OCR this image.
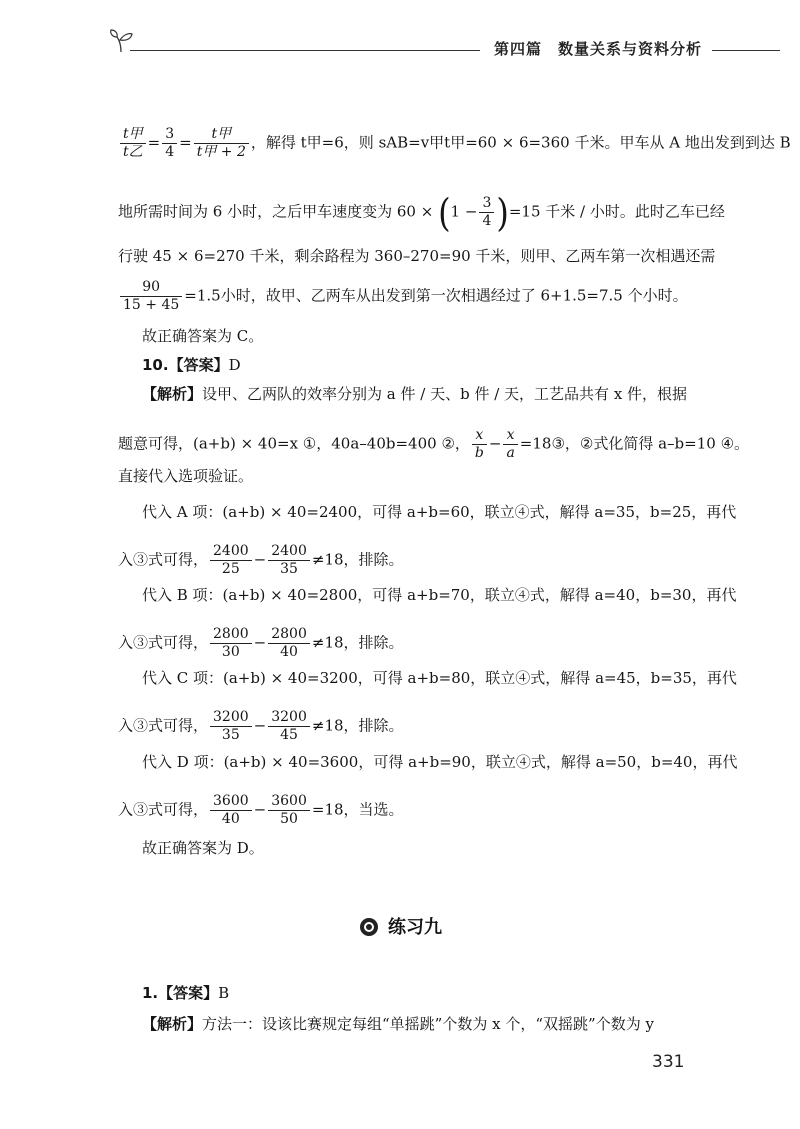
第四篇　数量关系与资料分析
$\frac{\text{t甲}}{\text{t乙}} = \frac{3}{4} = \frac{\text{t甲}}{\text{t甲 + 2}}$ ，解得 t甲=6，则 sAB=v甲t甲=60 × 6=360 千米。甲车从 A 地出发到到达 B
地所需时间为 6 小时，之后甲车速度变为 $60 \times (1 - \frac{3}{4} )=15$ 千米 / 小时。此时乙车已经
行驶 45 × 6=270 千米，剩余路程为 360–270=90 千米，则甲、乙两车第一次相遇还需
$\frac{90}{15 + 45} =1.5$小时，故甲、乙两车从出发到第一次相遇经过了 6+1.5=7.5 个小时。
故正确答案为 C。
10.【答案】D
【解析】设甲、乙两队的效率分别为 a 件 / 天、b 件 / 天，工艺品共有 x 件，根据
题意可得，(a+b) × 40=x ①，40a–40b=400 ②， $\frac{x}{b} - \frac{x}{a}$ =18③，②式化简得 a–b=10 ④。
直接代入选项验证。
代入 A 项：(a+b) × 40=2400，可得 a+b=60，联立④式，解得 a=35，b=25，再代
入③式可得， $\frac{2400}{25} - \frac{2400}{35} \ne 18$，排除。
代入 B 项：(a+b) × 40=2800，可得 a+b=70，联立④式，解得 a=40，b=30，再代
入③式可得， $\frac{2800}{30} - \frac{2800}{40} \ne 18$，排除。
代入 C 项：(a+b) × 40=3200，可得 a+b=80，联立④式，解得 a=45，b=35，再代
入③式可得， $\frac{3200}{35} - \frac{3200}{45} \ne 18$，排除。
代入 D 项：(a+b) × 40=3600，可得 a+b=90，联立④式，解得 a=50，b=40，再代
入③式可得， $\frac{3600}{40} - \frac{3600}{50} =18$，当选。
故正确答案为 D。
练习九
1.【答案】B
【解析】方法一：设该比赛规定每组“单摇跳”个数为 x 个，“双摇跳”个数为 y
331
